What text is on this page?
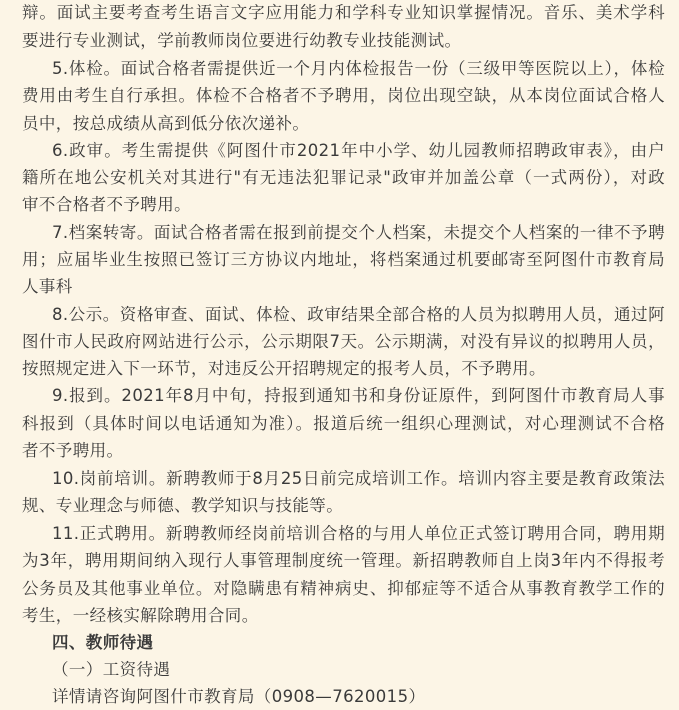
辩。面试主要考查考生语言文字应用能力和学科专业知识掌握情况。音乐、美术学科
要进行专业测试，学前教师岗位要进行幼教专业技能测试。
5.体检。面试合格者需提供近一个月内体检报告一份（三级甲等医院以上），体检
费用由考生自行承担。体检不合格者不予聘用，岗位出现空缺，从本岗位面试合格人
员中，按总成绩从高到低分依次递补。
6.政审。考生需提供《阿图什市2021年中小学、幼儿园教师招聘政审表》，由户
籍所在地公安机关对其进行"有无违法犯罪记录"政审并加盖公章（一式两份），对政
审不合格者不予聘用。
7.档案转寄。面试合格者需在报到前提交个人档案，未提交个人档案的一律不予聘
用；应届毕业生按照已签订三方协议内地址，将档案通过机要邮寄至阿图什市教育局
人事科
8.公示。资格审查、面试、体检、政审结果全部合格的人员为拟聘用人员，通过阿
图什市人民政府网站进行公示，公示期限7天。公示期满，对没有异议的拟聘用人员，
按照规定进入下一环节，对违反公开招聘规定的报考人员，不予聘用。
9.报到。2021年8月中旬，持报到通知书和身份证原件，到阿图什市教育局人事
科报到（具体时间以电话通知为准）。报道后统一组织心理测试，对心理测试不合格
者不予聘用。
10.岗前培训。新聘教师于8月25日前完成培训工作。培训内容主要是教育政策法
规、专业理念与师德、教学知识与技能等。
11.正式聘用。新聘教师经岗前培训合格的与用人单位正式签订聘用合同，聘用期
为3年，聘用期间纳入现行人事管理制度统一管理。新招聘教师自上岗3年内不得报考
公务员及其他事业单位。对隐瞒患有精神病史、抑郁症等不适合从事教育教学工作的
考生，一经核实解除聘用合同。
四、教师待遇
（一）工资待遇
详情请咨询阿图什市教育局（0908—7620015）
